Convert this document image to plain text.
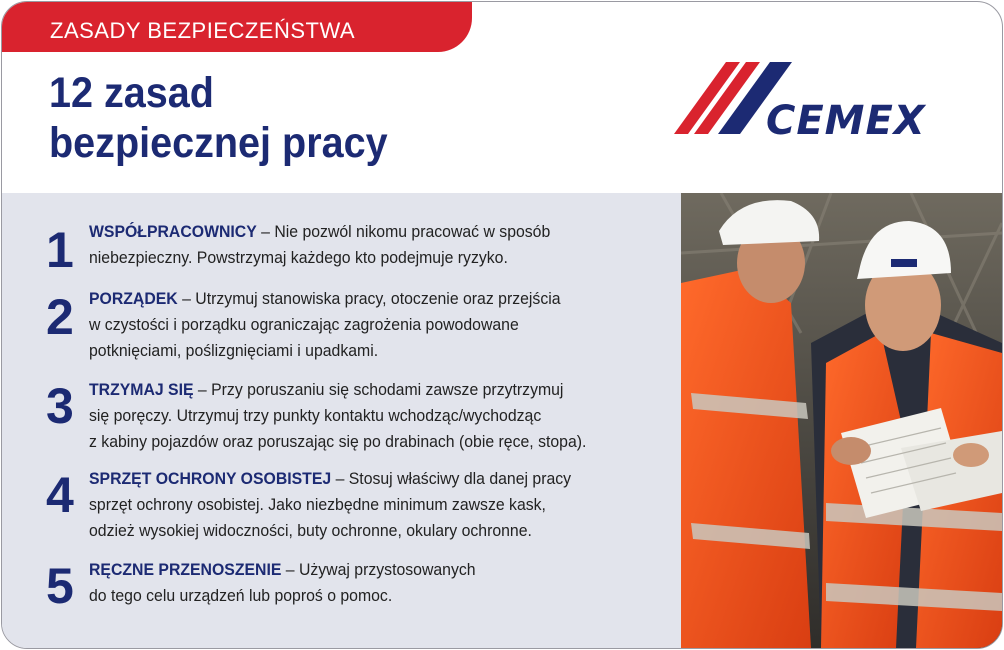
ZASADY BEZPIECZEŃSTWA
12 zasad
bezpiecznej pracy	CEMEX
1 WSPÓŁPRACOWNICY – Nie pozwól nikomu pracować w sposób
niebezpieczny. Powstrzymaj każdego kto podejmuje ryzyko.
2 PORZĄDEK – Utrzymuj stanowiska pracy, otoczenie oraz przejścia
w czystości i porządku ograniczając zagrożenia powodowane
potknięciami, poślizgnięciami i upadkami.
3 TRZYMAJ SIĘ – Przy poruszaniu się schodami zawsze przytrzymuj
się poręczy. Utrzymuj trzy punkty kontaktu wchodząc/wychodząc
z kabiny pojazdów oraz poruszając się po drabinach (obie ręce, stopa).
4 SPRZĘT OCHRONY OSOBISTEJ – Stosuj właściwy dla danej pracy
sprzęt ochrony osobistej. Jako niezbędne minimum zawsze kask,
odzież wysokiej widoczności, buty ochronne, okulary ochronne.
5 RĘCZNE PRZENOSZENIE – Używaj przystosowanych
do tego celu urządzeń lub poproś o pomoc.
